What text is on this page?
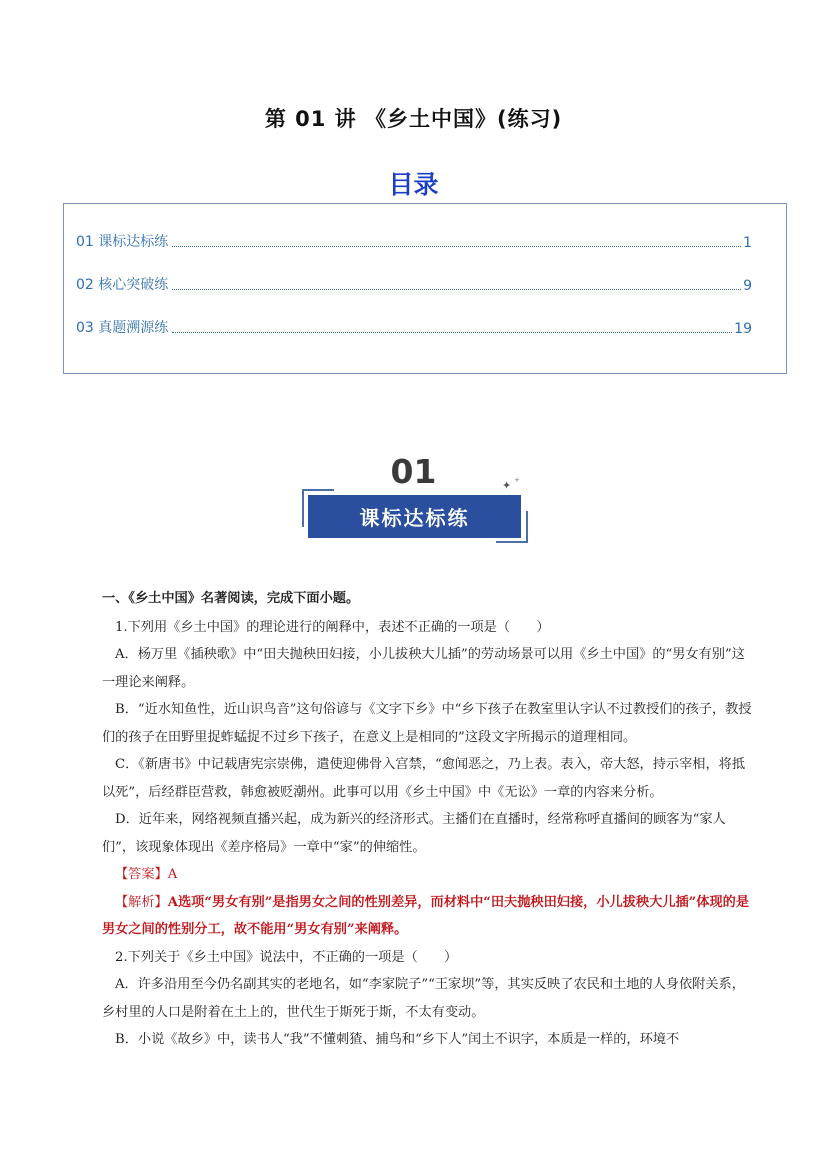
第 01 讲 《乡土中国》(练习)
目录
01 课标达标练	1
02 核心突破练	9
03 真题溯源练	19
01	✦ +
课标达标练

一、《乡土中国》名著阅读，完成下面小题。

1.下列用《乡土中国》的理论进行的阐释中，表述不正确的一项是（　　）

A．杨万里《插秧歌》中“田夫抛秧田妇接，小儿拔秧大儿插”的劳动场景可以用《乡土中国》的“男女有别”这一理论来阐释。

B．“近水知鱼性，近山识鸟音”这句俗谚与《文字下乡》中“乡下孩子在教室里认字认不过教授们的孩子，教授们的孩子在田野里捉蚱蜢捉不过乡下孩子，在意义上是相同的”这段文字所揭示的道理相同。

C．《新唐书》中记载唐宪宗崇佛，遣使迎佛骨入宫禁，“愈闻恶之，乃上表。表入，帝大怒，持示宰相，将抵以死”，后经群臣营救，韩愈被贬潮州。此事可以用《乡土中国》中《无讼》一章的内容来分析。

D．近年来，网络视频直播兴起，成为新兴的经济形式。主播们在直播时，经常称呼直播间的顾客为“家人们”，该现象体现出《差序格局》一章中“家”的伸缩性。

【答案】A

【解析】A选项“男女有别”是指男女之间的性别差异，而材料中“田夫抛秧田妇接，小儿拔秧大儿插”体现的是男女之间的性别分工，故不能用“男女有别”来阐释。

2.下列关于《乡土中国》说法中，不正确的一项是（　　）

A．许多沿用至今仍名副其实的老地名，如“李家院子”“王家坝”等，其实反映了农民和土地的人身依附关系，乡村里的人口是附着在土上的，世代生于斯死于斯，不太有变动。

B．小说《故乡》中，读书人“我”不懂刺猹、捕鸟和“乡下人”闰土不识字，本质是一样的，环境不
